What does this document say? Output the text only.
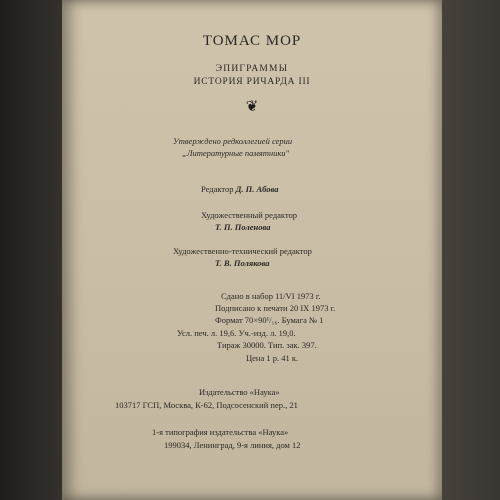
ТОМАС МОР
ЭПИГРАММЫ
ИСТОРИЯ РИЧАРДА III
❦
Утверждено редколлегией серии
„Литературные памятники"
Редактор Д. П. Абова
Художественный редактор
Т. П. Поленова
Художественно-технический редактор
Т. В. Полякова
Сдано в набор 11/VI 1973 г.
Подписано к печати 20 IX 1973 г.
Формат 70×90¹/₁₆. Бумага № 1
Усл. печ. л. 19,6. Уч.-изд. л. 19,0.
Тираж 30000. Тип. зак. 397.
Цена 1 р. 41 к.
Издательство «Наука»
103717 ГСП, Москва, К-62, Подсосенский пер., 21
1-я типография издательства «Наука»
199034, Ленинград, 9-я линия, дом 12
